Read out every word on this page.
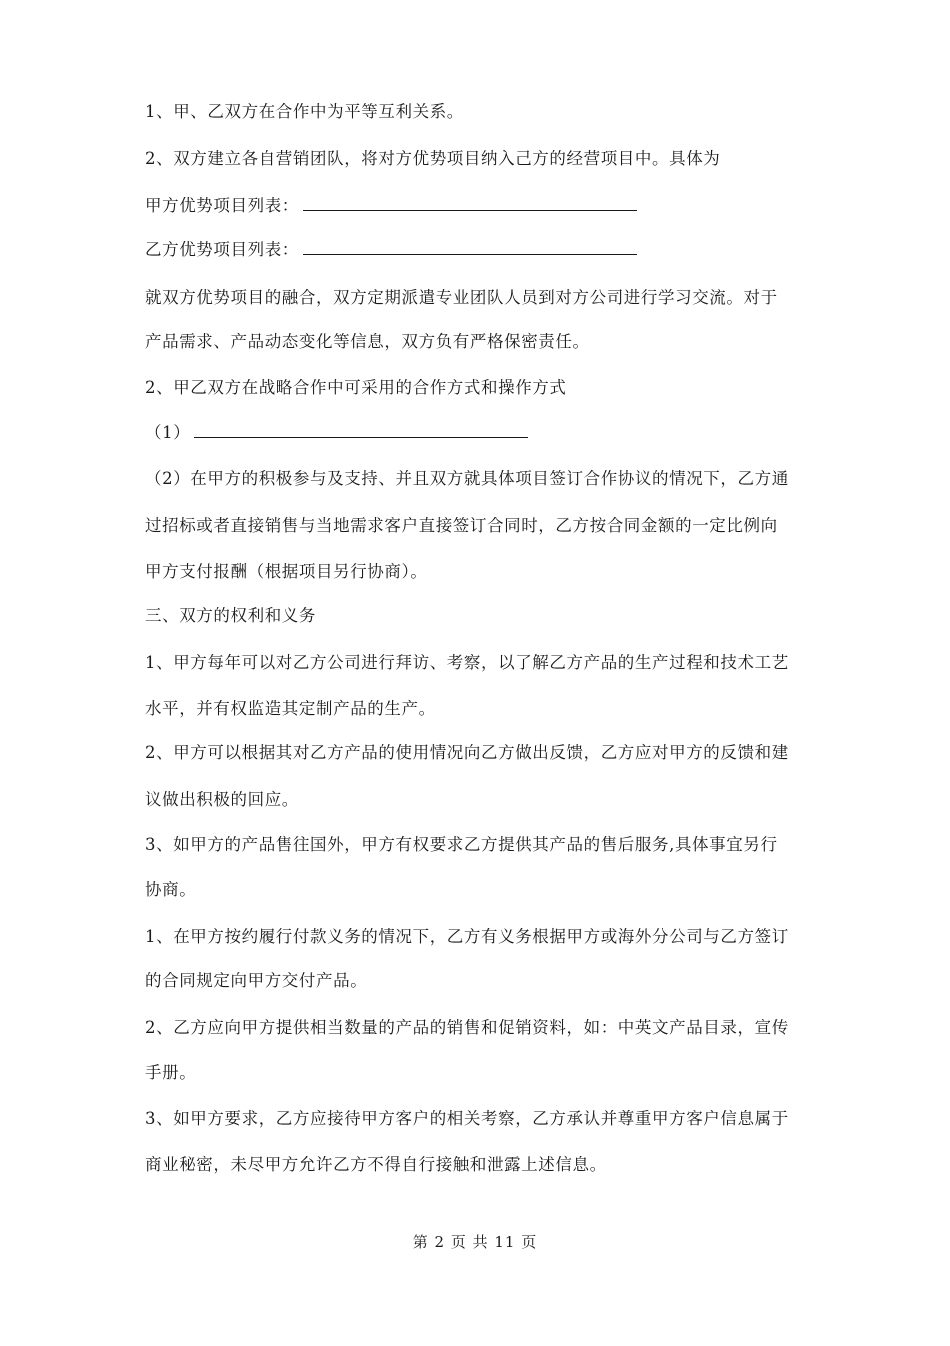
1、甲、乙双方在合作中为平等互利关系。
2、双方建立各自营销团队，将对方优势项目纳入己方的经营项目中。具体为
甲方优势项目列表：
乙方优势项目列表：
就双方优势项目的融合，双方定期派遣专业团队人员到对方公司进行学习交流。对于
产品需求、产品动态变化等信息，双方负有严格保密责任。
2、甲乙双方在战略合作中可采用的合作方式和操作方式
（1）
（2）在甲方的积极参与及支持、并且双方就具体项目签订合作协议的情况下，乙方通
过招标或者直接销售与当地需求客户直接签订合同时，乙方按合同金额的一定比例向
甲方支付报酬（根据项目另行协商）。
三、双方的权利和义务
1、甲方每年可以对乙方公司进行拜访、考察，以了解乙方产品的生产过程和技术工艺
水平，并有权监造其定制产品的生产。
2、甲方可以根据其对乙方产品的使用情况向乙方做出反馈，乙方应对甲方的反馈和建
议做出积极的回应。
3、如甲方的产品售往国外，甲方有权要求乙方提供其产品的售后服务,具体事宜另行
协商。
1、在甲方按约履行付款义务的情况下，乙方有义务根据甲方或海外分公司与乙方签订
的合同规定向甲方交付产品。
2、乙方应向甲方提供相当数量的产品的销售和促销资料，如：中英文产品目录，宣传
手册。
3、如甲方要求，乙方应接待甲方客户的相关考察，乙方承认并尊重甲方客户信息属于
商业秘密，未尽甲方允许乙方不得自行接触和泄露上述信息。
第 2 页 共 11 页
